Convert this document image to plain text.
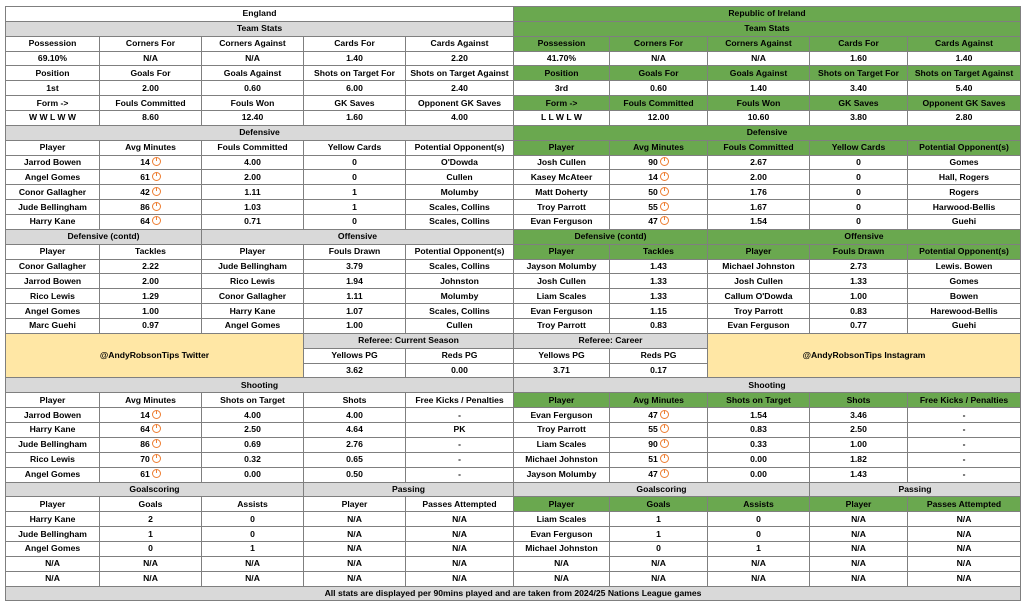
England					Republic of Ireland				
Team Stats					Team Stats				
Possession	Corners For	Corners Against	Cards For	Cards Against	Possession	Corners For	Corners Against	Cards For	Cards Against
69.10%	N/A	N/A	1.40	2.20	41.70%	N/A	N/A	1.60	1.40
Position	Goals For	Goals Against	Shots on Target For	Shots on Target Against	Position	Goals For	Goals Against	Shots on Target For	Shots on Target Against
1st	2.00	0.60	6.00	2.40	3rd	0.60	1.40	3.40	5.40
Form ->	Fouls Committed	Fouls Won	GK Saves	Opponent GK Saves	Form ->	Fouls Committed	Fouls Won	GK Saves	Opponent GK Saves
W W L W W	8.60	12.40	1.60	4.00	L L W L W	12.00	10.60	3.80	2.80
Defensive					Defensive				
Player	Avg Minutes	Fouls Committed	Yellow Cards	Potential Opponent(s)	Player	Avg Minutes	Fouls Committed	Yellow Cards	Potential Opponent(s)
Jarrod Bowen	14	4.00	0	O'Dowda	Josh Cullen	90	2.67	0	Gomes
Angel Gomes	61	2.00	0	Cullen	Kasey McAteer	14	2.00	0	Hall, Rogers
Conor Gallagher	42	1.11	1	Molumby	Matt Doherty	50	1.76	0	Rogers
Jude Bellingham	86	1.03	1	Scales, Collins	Troy Parrott	55	1.67	0	Harwood-Bellis
Harry Kane	64	0.71	0	Scales, Collins	Evan Ferguson	47	1.54	0	Guehi
Defensive (contd)		Offensive			Defensive (contd)		Offensive		
Player	Tackles	Player	Fouls Drawn	Potential Opponent(s)	Player	Tackles	Player	Fouls Drawn	Potential Opponent(s)
Conor Gallagher	2.22	Jude Bellingham	3.79	Scales, Collins	Jayson Molumby	1.43	Michael Johnston	2.73	Lewis. Bowen
Jarrod Bowen	2.00	Rico Lewis	1.94	Johnston	Josh Cullen	1.33	Josh Cullen	1.33	Gomes
Rico Lewis	1.29	Conor Gallagher	1.11	Molumby	Liam Scales	1.33	Callum O'Dowda	1.00	Bowen
Angel Gomes	1.00	Harry Kane	1.07	Scales, Collins	Evan Ferguson	1.15	Troy Parrott	0.83	Harewood-Bellis
Marc Guehi	0.97	Angel Gomes	1.00	Cullen	Troy Parrott	0.83	Evan Ferguson	0.77	Guehi
@AndyRobsonTips Twitter			Referee: Current Season		Referee: Career		@AndyRobsonTips Instagram		
			Yellows PG	Reds PG	Yellows PG	Reds PG			
			3.62	0.00	3.71	0.17			
Shooting					Shooting				
Player	Avg Minutes	Shots on Target	Shots	Free Kicks / Penalties	Player	Avg Minutes	Shots on Target	Shots	Free Kicks / Penalties
Jarrod Bowen	14	4.00	4.00	-	Evan Ferguson	47	1.54	3.46	-
Harry Kane	64	2.50	4.64	PK	Troy Parrott	55	0.83	2.50	-
Jude Bellingham	86	0.69	2.76	-	Liam Scales	90	0.33	1.00	-
Rico Lewis	70	0.32	0.65	-	Michael Johnston	51	0.00	1.82	-
Angel Gomes	61	0.00	0.50	-	Jayson Molumby	47	0.00	1.43	-
Goalscoring			Passing		Goalscoring			Passing	
Player	Goals	Assists	Player	Passes Attempted	Player	Goals	Assists	Player	Passes Attempted
Harry Kane	2	0	N/A	N/A	Liam Scales	1	0	N/A	N/A
Jude Bellingham	1	0	N/A	N/A	Evan Ferguson	1	0	N/A	N/A
Angel Gomes	0	1	N/A	N/A	Michael Johnston	0	1	N/A	N/A
N/A	N/A	N/A	N/A	N/A	N/A	N/A	N/A	N/A	N/A
N/A	N/A	N/A	N/A	N/A	N/A	N/A	N/A	N/A	N/A
All stats are displayed per 90mins played and are taken from 2024/25 Nations League games									
